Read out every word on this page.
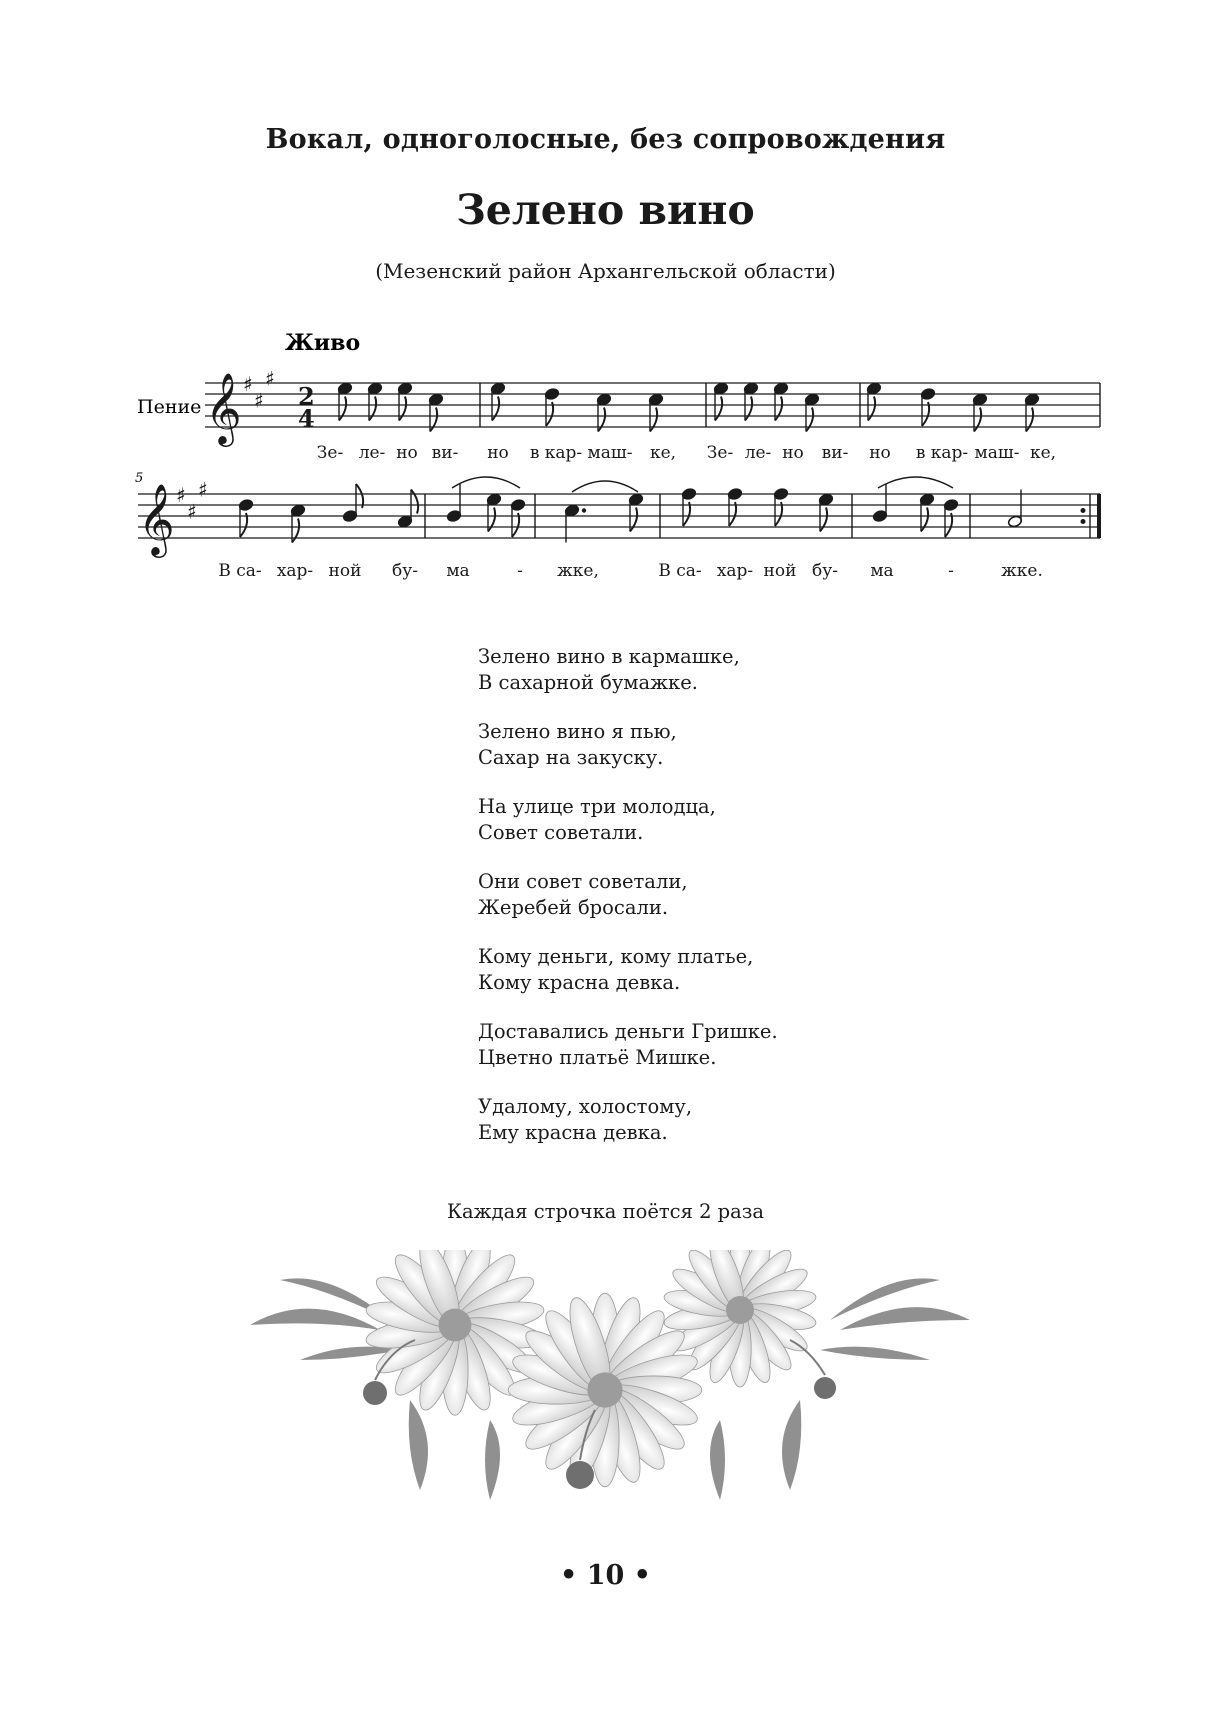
Вокал, одноголосные, без сопровождения
Зелено вино
(Мезенский район Архангельской области)
Живо
Пение
5
𝄞 ♯
♯
♯
2
4
𝄞 ♯
♯
♯
Зе- ле- но ви- но в кар- маш- ке, Зе- ле- но ви- но в кар- маш- ке,
В са- хар- ной бу- ма	- жке,	В са- хар- ной бу- ма	-	жке.
Зелено вино в кармашке,
В сахарной бумажке.
Зелено вино я пью,
Сахар на закуску.
На улице три молодца,
Совет советали.
Они совет советали,
Жеребей бросали.
Кому деньги, кому платье,
Кому красна девка.
Доставались деньги Гришке.
Цветно платьё Мишке.
Удалому, холостому,
Ему красна девка.
Каждая строчка поётся 2 раза
• 10 •
